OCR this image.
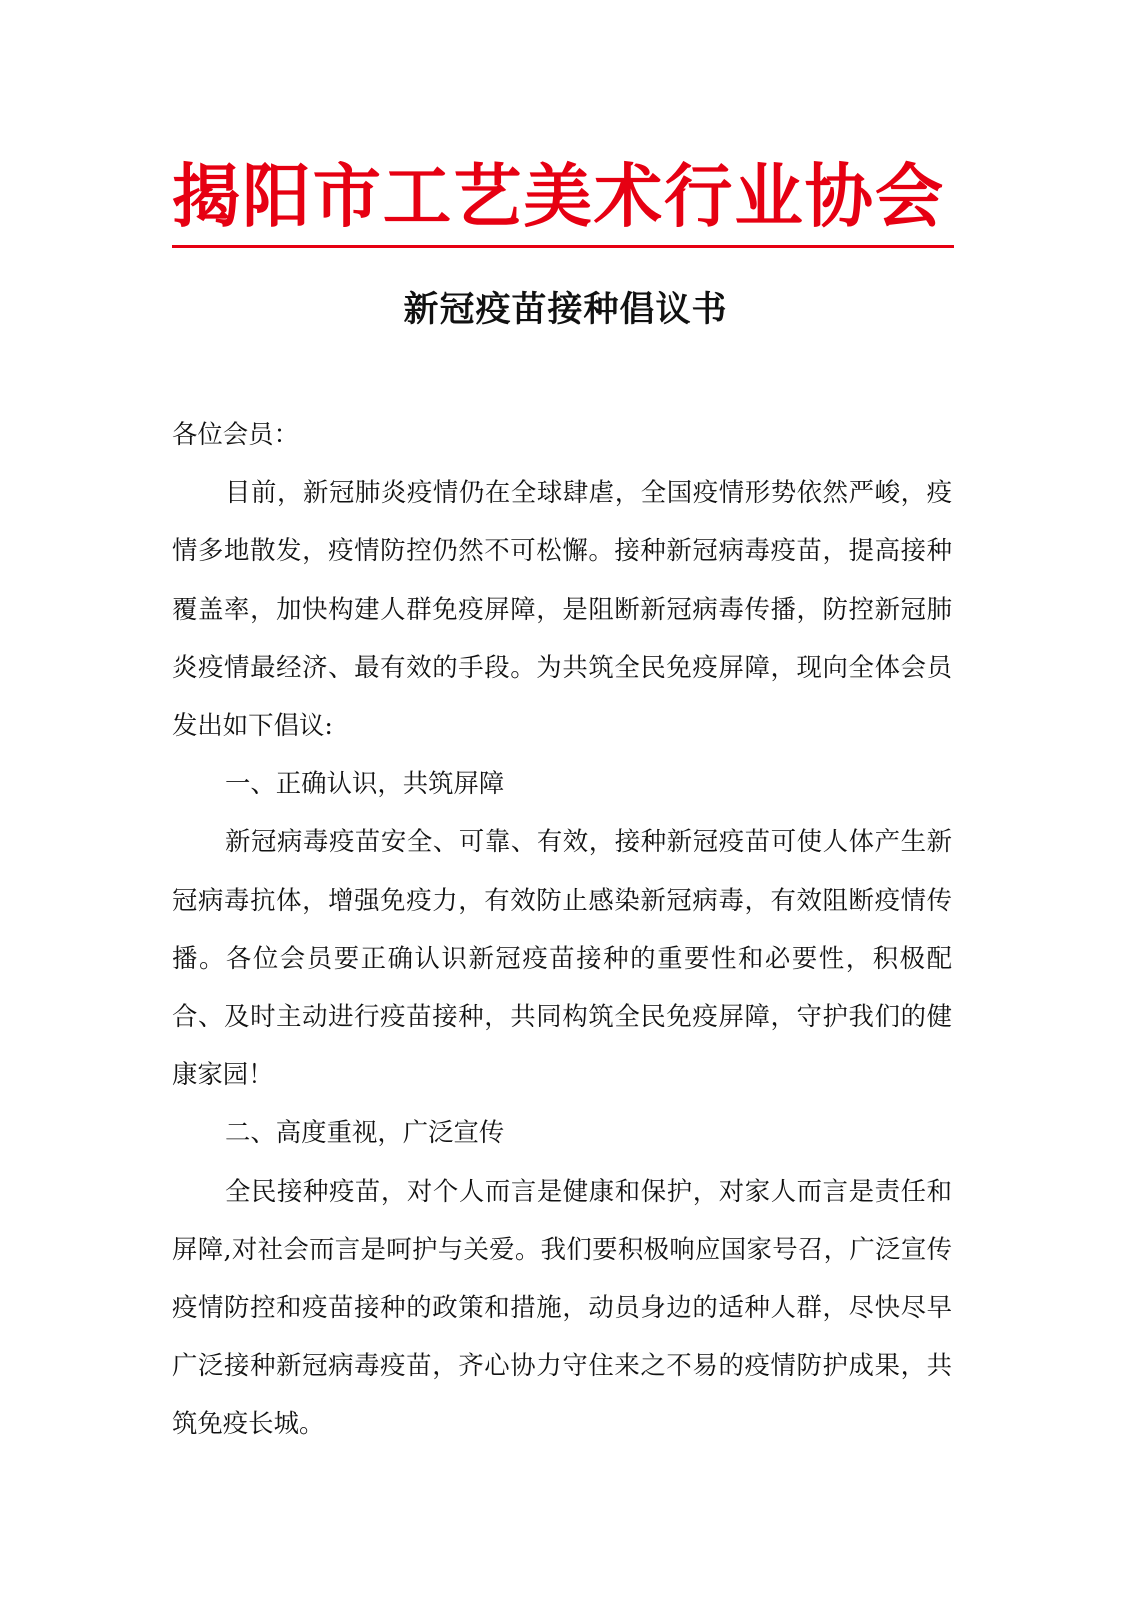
揭阳市工艺美术行业协会
新冠疫苗接种倡议书

各位会员：

目前，新冠肺炎疫情仍在全球肆虐，全国疫情形势依然严峻，疫情多地散发，疫情防控仍然不可松懈。接种新冠病毒疫苗，提高接种覆盖率，加快构建人群免疫屏障，是阻断新冠病毒传播，防控新冠肺炎疫情最经济、最有效的手段。为共筑全民免疫屏障，现向全体会员发出如下倡议:

一、正确认识，共筑屏障

新冠病毒疫苗安全、可靠、有效，接种新冠疫苗可使人体产生新冠病毒抗体，增强免疫力，有效防止感染新冠病毒，有效阻断疫情传播。各位会员要正确认识新冠疫苗接种的重要性和必要性，积极配合、及时主动进行疫苗接种，共同构筑全民免疫屏障，守护我们的健康家园！

二、高度重视，广泛宣传

全民接种疫苗，对个人而言是健康和保护，对家人而言是责任和屏障,对社会而言是呵护与关爱。我们要积极响应国家号召，广泛宣传疫情防控和疫苗接种的政策和措施，动员身边的适种人群，尽快尽早广泛接种新冠病毒疫苗，齐心协力守住来之不易的疫情防护成果，共筑免疫长城。
